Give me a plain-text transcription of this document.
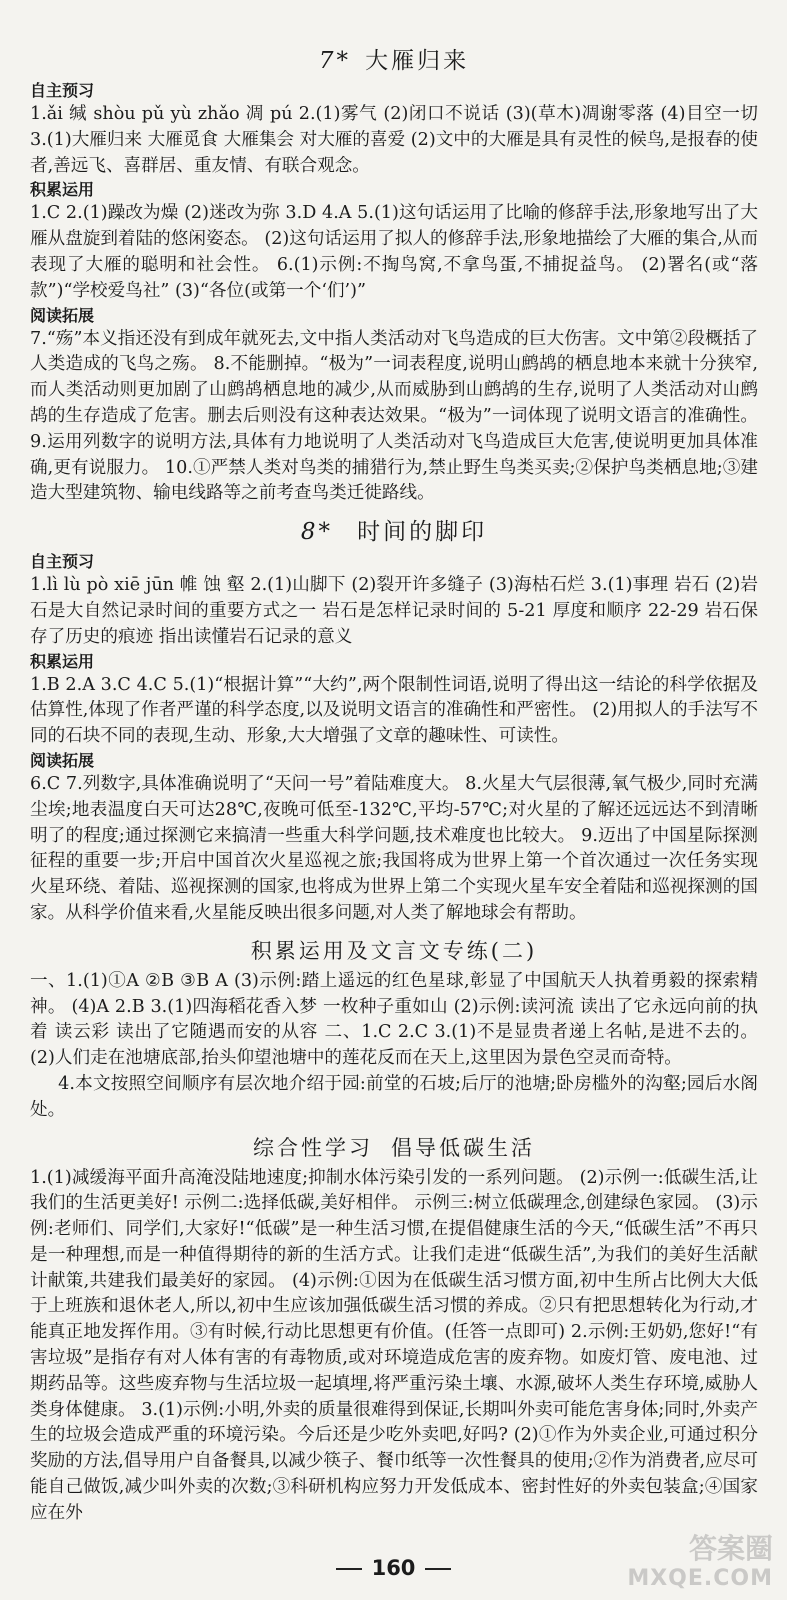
7* 大雁归来
自主预习
1.ǎi 缄 shòu pǔ yù zhǎo 凋 pú 2.(1)雾气 (2)闭口不说话 (3)(草木)凋谢零落 (4)目空一切 3.(1)大雁归来 大雁觅食 大雁集会 对大雁的喜爱 (2)文中的大雁是具有灵性的候鸟,是报春的使者,善远飞、喜群居、重友情、有联合观念。
积累运用
1.C 2.(1)躁改为燥 (2)迷改为弥 3.D 4.A 5.(1)这句话运用了比喻的修辞手法,形象地写出了大雁从盘旋到着陆的悠闲姿态。 (2)这句话运用了拟人的修辞手法,形象地描绘了大雁的集合,从而表现了大雁的聪明和社会性。 6.(1)示例:不掏鸟窝,不拿鸟蛋,不捕捉益鸟。 (2)署名(或“落款”)“学校爱鸟社” (3)“各位(或第一个‘们’)”
阅读拓展
7.“殇”本义指还没有到成年就死去,文中指人类活动对飞鸟造成的巨大伤害。文中第②段概括了人类造成的飞鸟之殇。 8.不能删掉。“极为”一词表程度,说明山鹧鸪的栖息地本来就十分狭窄,而人类活动则更加剧了山鹧鸪栖息地的减少,从而威胁到山鹧鸪的生存,说明了人类活动对山鹧鸪的生存造成了危害。删去后则没有这种表达效果。“极为”一词体现了说明文语言的准确性。 9.运用列数字的说明方法,具体有力地说明了人类活动对飞鸟造成巨大危害,使说明更加具体准确,更有说服力。 10.①严禁人类对鸟类的捕猎行为,禁止野生鸟类买卖;②保护鸟类栖息地;③建造大型建筑物、输电线路等之前考查鸟类迁徙路线。
8* 时间的脚印
自主预习
1.lì lù pò xiē jūn 帷 蚀 壑 2.(1)山脚下 (2)裂开许多缝子 (3)海枯石烂 3.(1)事理 岩石 (2)岩石是大自然记录时间的重要方式之一 岩石是怎样记录时间的 5-21 厚度和顺序 22-29 岩石保存了历史的痕迹 指出读懂岩石记录的意义
积累运用
1.B 2.A 3.C 4.C 5.(1)“根据计算”“大约”,两个限制性词语,说明了得出这一结论的科学依据及估算性,体现了作者严谨的科学态度,以及说明文语言的准确性和严密性。 (2)用拟人的手法写不同的石块不同的表现,生动、形象,大大增强了文章的趣味性、可读性。
阅读拓展
6.C 7.列数字,具体准确说明了“天问一号”着陆难度大。 8.火星大气层很薄,氧气极少,同时充满尘埃;地表温度白天可达28℃,夜晚可低至-132℃,平均-57℃;对火星的了解还远远达不到清晰明了的程度;通过探测它来搞清一些重大科学问题,技术难度也比较大。 9.迈出了中国星际探测征程的重要一步;开启中国首次火星巡视之旅;我国将成为世界上第一个首次通过一次任务实现火星环绕、着陆、巡视探测的国家,也将成为世界上第二个实现火星车安全着陆和巡视探测的国家。从科学价值来看,火星能反映出很多问题,对人类了解地球会有帮助。
积累运用及文言文专练(二)
一、1.(1)①A ②B ③B A (3)示例:踏上遥远的红色星球,彰显了中国航天人执着勇毅的探索精神。 (4)A 2.B 3.(1)四海稻花香入梦 一枚种子重如山 (2)示例:读河流 读出了它永远向前的执着 读云彩 读出了它随遇而安的从容 二、1.C 2.C 3.(1)不是显贵者递上名帖,是进不去的。 (2)人们走在池塘底部,抬头仰望池塘中的莲花反而在天上,这里因为景色空灵而奇特。
4.本文按照空间顺序有层次地介绍于园:前堂的石坡;后厅的池塘;卧房槛外的沟壑;园后水阁处。
综合性学习 倡导低碳生活
1.(1)减缓海平面升高淹没陆地速度;抑制水体污染引发的一系列问题。 (2)示例一:低碳生活,让我们的生活更美好! 示例二:选择低碳,美好相伴。 示例三:树立低碳理念,创建绿色家园。 (3)示例:老师们、同学们,大家好!“低碳”是一种生活习惯,在提倡健康生活的今天,“低碳生活”不再只是一种理想,而是一种值得期待的新的生活方式。让我们走进“低碳生活”,为我们的美好生活献计献策,共建我们最美好的家园。 (4)示例:①因为在低碳生活习惯方面,初中生所占比例大大低于上班族和退休老人,所以,初中生应该加强低碳生活习惯的养成。②只有把思想转化为行动,才能真正地发挥作用。③有时候,行动比思想更有价值。(任答一点即可) 2.示例:王奶奶,您好!“有害垃圾”是指存有对人体有害的有毒物质,或对环境造成危害的废弃物。如废灯管、废电池、过期药品等。这些废弃物与生活垃圾一起填埋,将严重污染土壤、水源,破坏人类生存环境,威胁人类身体健康。 3.(1)示例:小明,外卖的质量很难得到保证,长期叫外卖可能危害身体;同时,外卖产生的垃圾会造成严重的环境污染。今后还是少吃外卖吧,好吗? (2)①作为外卖企业,可通过积分奖励的方法,倡导用户自备餐具,以减少筷子、餐巾纸等一次性餐具的使用;②作为消费者,应尽可能自己做饭,减少叫外卖的次数;③科研机构应努力开发低成本、密封性好的外卖包装盒;④国家应在外
160
答案圈
MXQE.COM
